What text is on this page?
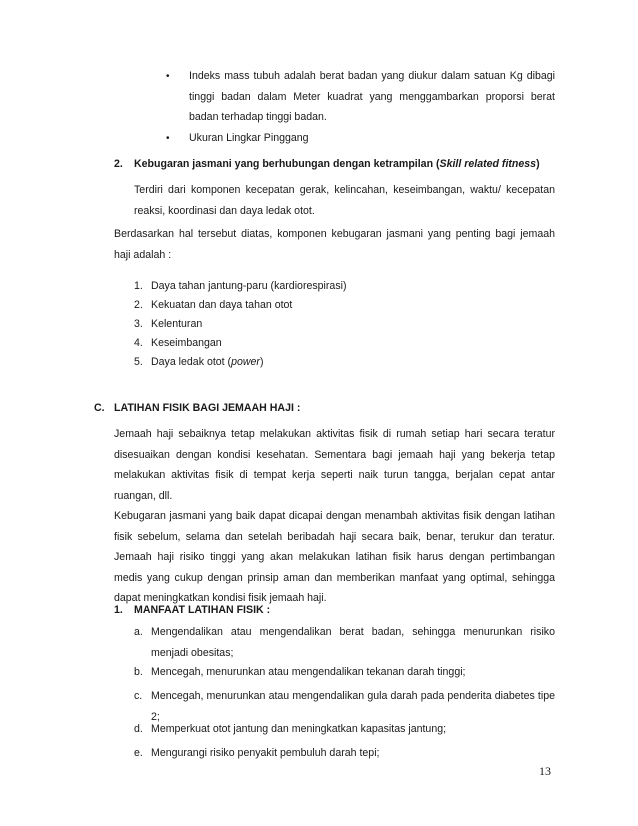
• Indeks mass tubuh adalah berat badan yang diukur dalam satuan Kg dibagi tinggi badan dalam Meter kuadrat yang menggambarkan proporsi berat badan terhadap tinggi badan.

• Ukuran Lingkar Pinggang

2. Kebugaran jasmani yang berhubungan dengan ketrampilan (Skill related fitness)

Terdiri dari komponen kecepatan gerak, kelincahan, keseimbangan, waktu/ kecepatan reaksi, koordinasi dan daya ledak otot.

Berdasarkan hal tersebut diatas, komponen kebugaran jasmani yang penting bagi jemaah haji adalah :

1. Daya tahan jantung-paru (kardiorespirasi)
2. Kekuatan dan daya tahan otot
3. Kelenturan
4. Keseimbangan
5. Daya ledak otot (power)
C. LATIHAN FISIK BAGI JEMAAH HAJI :

Jemaah haji sebaiknya tetap melakukan aktivitas fisik di rumah setiap hari secara teratur disesuaikan dengan kondisi kesehatan. Sementara bagi jemaah haji yang bekerja tetap melakukan aktivitas fisik di tempat kerja seperti naik turun tangga, berjalan cepat antar ruangan, dll.

Kebugaran jasmani yang baik dapat dicapai dengan menambah aktivitas fisik dengan latihan fisik sebelum, selama dan setelah beribadah haji secara baik, benar, terukur dan teratur. Jemaah haji risiko tinggi yang akan melakukan latihan fisik harus dengan pertimbangan medis yang cukup dengan prinsip aman dan memberikan manfaat yang optimal, sehingga dapat meningkatkan kondisi fisik jemaah haji.

1. MANFAAT LATIHAN FISIK :
a. Mengendalikan atau mengendalikan berat badan, sehingga menurunkan risiko menjadi obesitas;

b. Mencegah, menurunkan atau mengendalikan tekanan darah tinggi;

c. Mencegah, menurunkan atau mengendalikan gula darah pada penderita diabetes tipe 2;

d. Memperkuat otot jantung dan meningkatkan kapasitas jantung;

e. Mengurangi risiko penyakit pembuluh darah tepi;

13
